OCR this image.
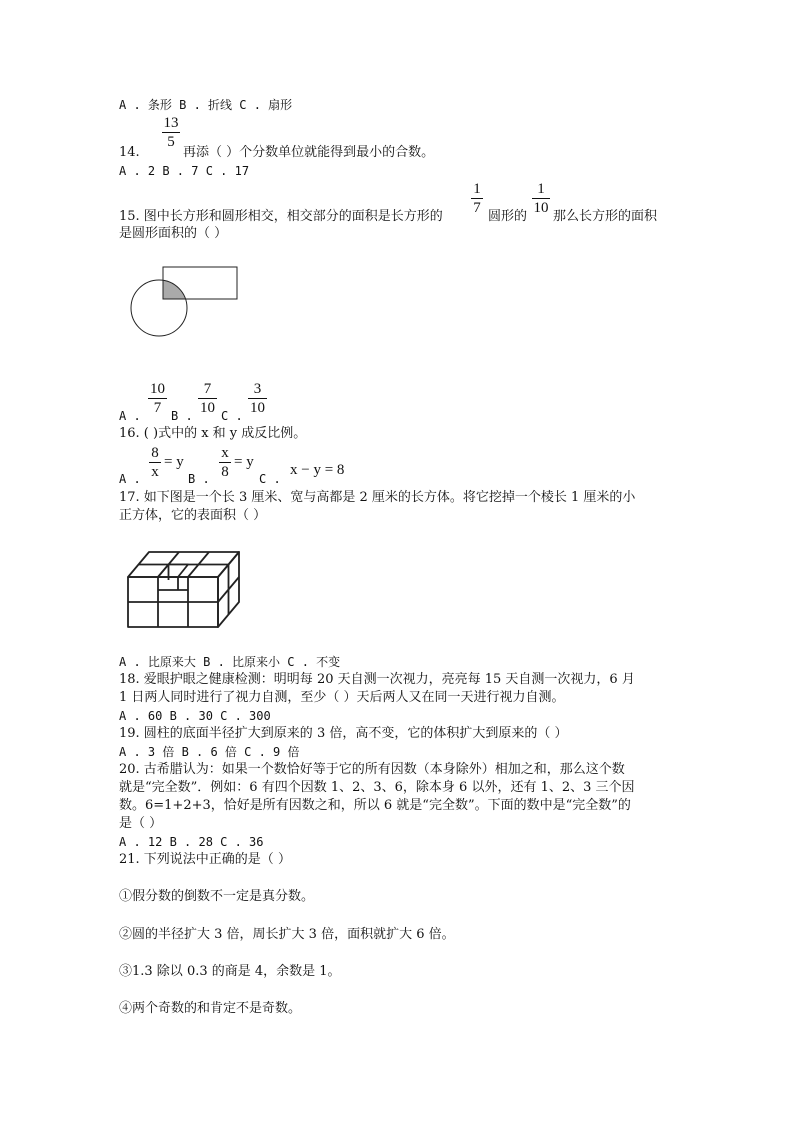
A . 条形 B . 折线 C . 扇形
13
5
14.	再添（ ）个分数单位就能得到最小的合数。
A . 2 B . 7 C . 17
1
7
1
10
15. 图中长方形和圆形相交，相交部分的面积是长方形的	圆形的 那么长方形的面积
是圆形面积的（ ）
A .
10
7 B .
7
10 C .
3
10
16. ( )式中的 x 和 y 成反比例。
A .
8
x
= y
B .
x
8
= y
C .
x − y = 8
17. 如下图是一个长 3 厘米、宽与高都是 2 厘米的长方体。将它挖掉一个棱长 1 厘米的小
正方体，它的表面积（ ）
A . 比原来大 B . 比原来小 C . 不变
18. 爱眼护眼之健康检测：明明每 20 天自测一次视力，亮亮每 15 天自测一次视力，6 月
1 日两人同时进行了视力自测，至少（ ）天后两人又在同一天进行视力自测。
A . 60 B . 30 C . 300
19. 圆柱的底面半径扩大到原来的 3 倍，高不变，它的体积扩大到原来的（ ）
A . 3 倍 B . 6 倍 C . 9 倍
20. 古希腊认为：如果一个数恰好等于它的所有因数（本身除外）相加之和，那么这个数
就是“完全数”．例如：6 有四个因数 1、2、3、6，除本身 6 以外，还有 1、2、3 三个因
数。6=1+2+3，恰好是所有因数之和，所以 6 就是“完全数”。下面的数中是“完全数”的
是（ ）
A . 12 B . 28 C . 36
21. 下列说法中正确的是（ ）
①假分数的倒数不一定是真分数。
②圆的半径扩大 3 倍，周长扩大 3 倍，面积就扩大 6 倍。
③1.3 除以 0.3 的商是 4，余数是 1。
④两个奇数的和肯定不是奇数。
